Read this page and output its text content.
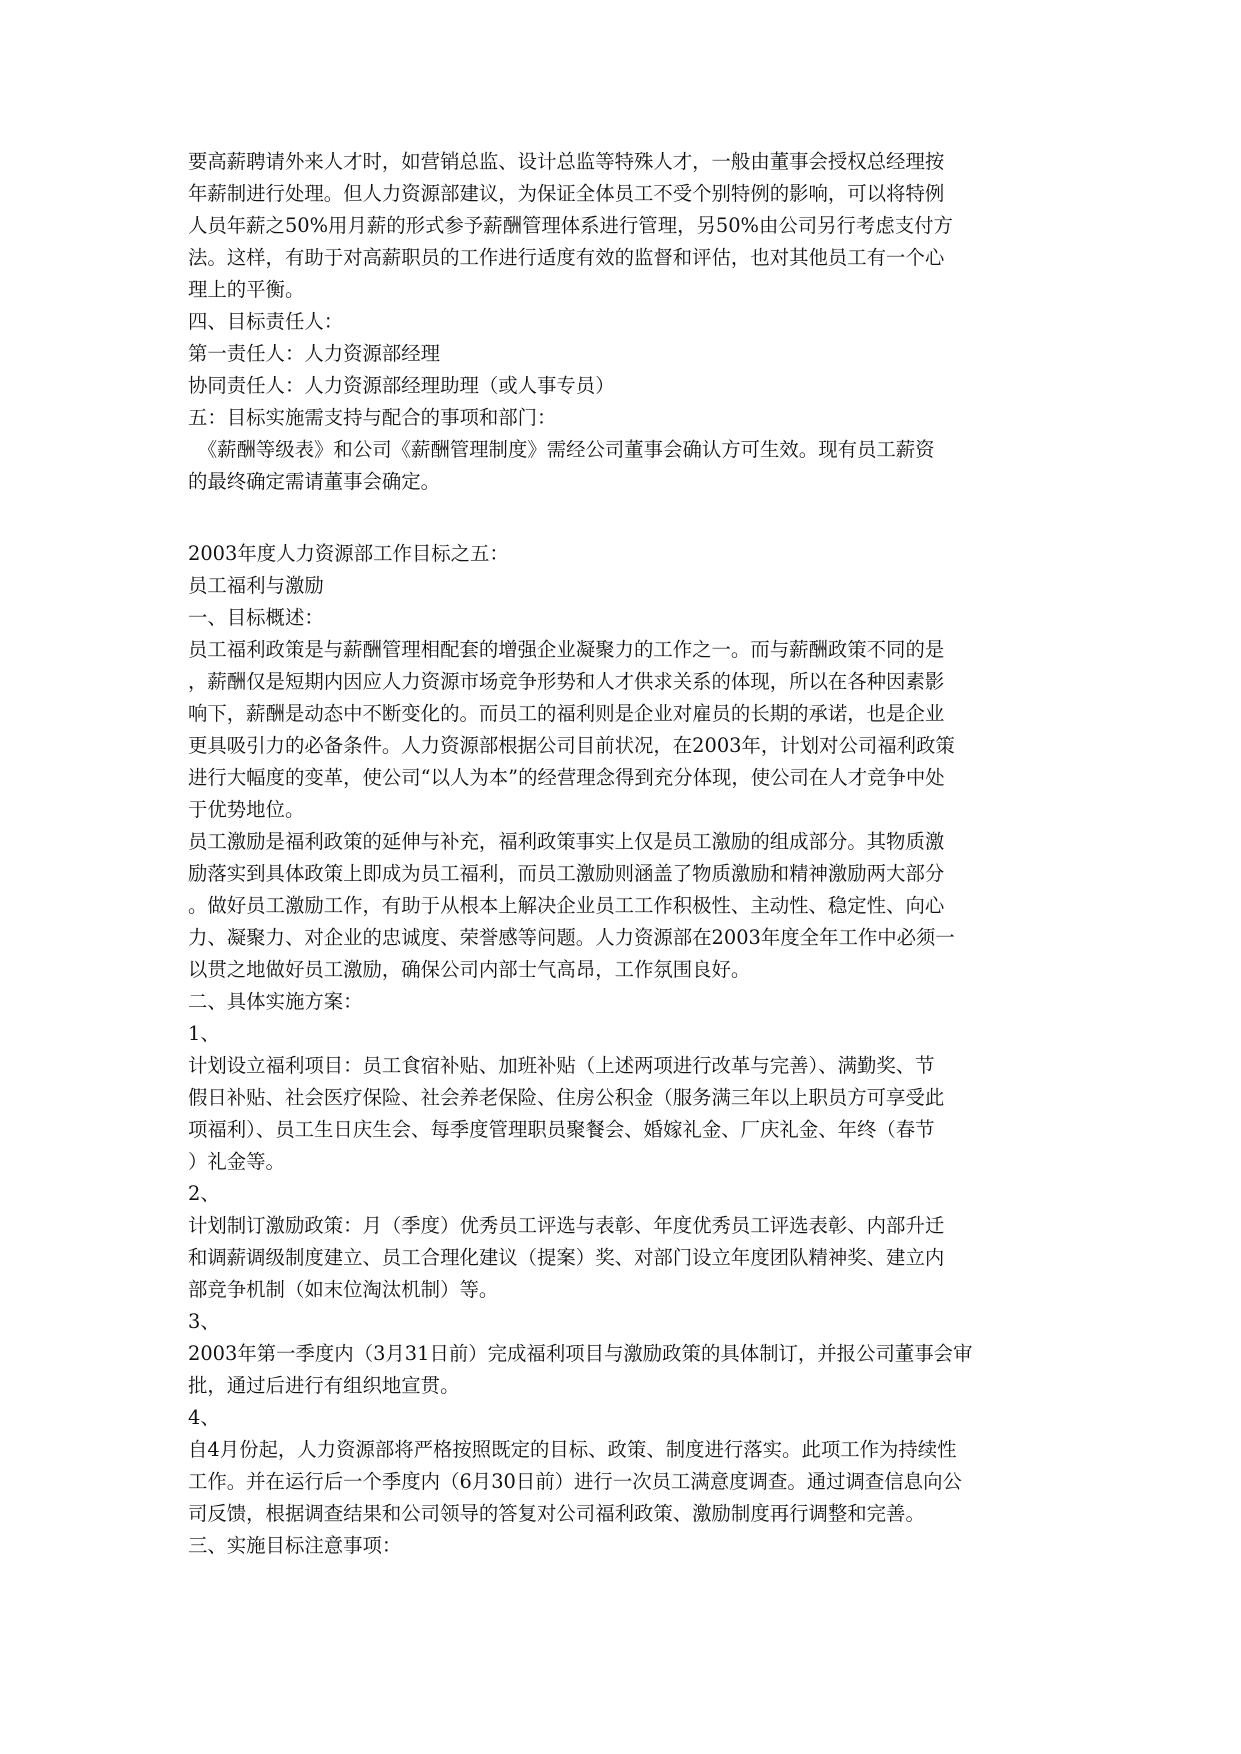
要高薪聘请外来人才时，如营销总监、设计总监等特殊人才，一般由董事会授权总经理按
年薪制进行处理。但人力资源部建议，为保证全体员工不受个别特例的影响，可以将特例
人员年薪之50%用月薪的形式参予薪酬管理体系进行管理，另50%由公司另行考虑支付方
法。这样，有助于对高薪职员的工作进行适度有效的监督和评估，也对其他员工有一个心
理上的平衡。
四、目标责任人：
第一责任人：人力资源部经理
协同责任人：人力资源部经理助理（或人事专员）
五：目标实施需支持与配合的事项和部门：
　《薪酬等级表》和公司《薪酬管理制度》需经公司董事会确认方可生效。现有员工薪资
的最终确定需请董事会确定。
2003年度人力资源部工作目标之五：
员工福利与激励
一、目标概述：
员工福利政策是与薪酬管理相配套的增强企业凝聚力的工作之一。而与薪酬政策不同的是
，薪酬仅是短期内因应人力资源市场竞争形势和人才供求关系的体现，所以在各种因素影
响下，薪酬是动态中不断变化的。而员工的福利则是企业对雇员的长期的承诺，也是企业
更具吸引力的必备条件。人力资源部根据公司目前状况，在2003年，计划对公司福利政策
进行大幅度的变革，使公司“以人为本”的经营理念得到充分体现，使公司在人才竞争中处
于优势地位。
员工激励是福利政策的延伸与补充，福利政策事实上仅是员工激励的组成部分。其物质激
励落实到具体政策上即成为员工福利，而员工激励则涵盖了物质激励和精神激励两大部分
。做好员工激励工作，有助于从根本上解决企业员工工作积极性、主动性、稳定性、向心
力、凝聚力、对企业的忠诚度、荣誉感等问题。人力资源部在2003年度全年工作中必须一
以贯之地做好员工激励，确保公司内部士气高昂，工作氛围良好。
二、具体实施方案：
1、
计划设立福利项目：员工食宿补贴、加班补贴（上述两项进行改革与完善）、满勤奖、节
假日补贴、社会医疗保险、社会养老保险、住房公积金（服务满三年以上职员方可享受此
项福利）、员工生日庆生会、每季度管理职员聚餐会、婚嫁礼金、厂庆礼金、年终（春节
）礼金等。
2、
计划制订激励政策：月（季度）优秀员工评选与表彰、年度优秀员工评选表彰、内部升迁
和调薪调级制度建立、员工合理化建议（提案）奖、对部门设立年度团队精神奖、建立内
部竞争机制（如末位淘汰机制）等。
3、
2003年第一季度内（3月31日前）完成福利项目与激励政策的具体制订，并报公司董事会审
批，通过后进行有组织地宣贯。
4、
自4月份起，人力资源部将严格按照既定的目标、政策、制度进行落实。此项工作为持续性
工作。并在运行后一个季度内（6月30日前）进行一次员工满意度调查。通过调查信息向公
司反馈，根据调查结果和公司领导的答复对公司福利政策、激励制度再行调整和完善。
三、实施目标注意事项：
